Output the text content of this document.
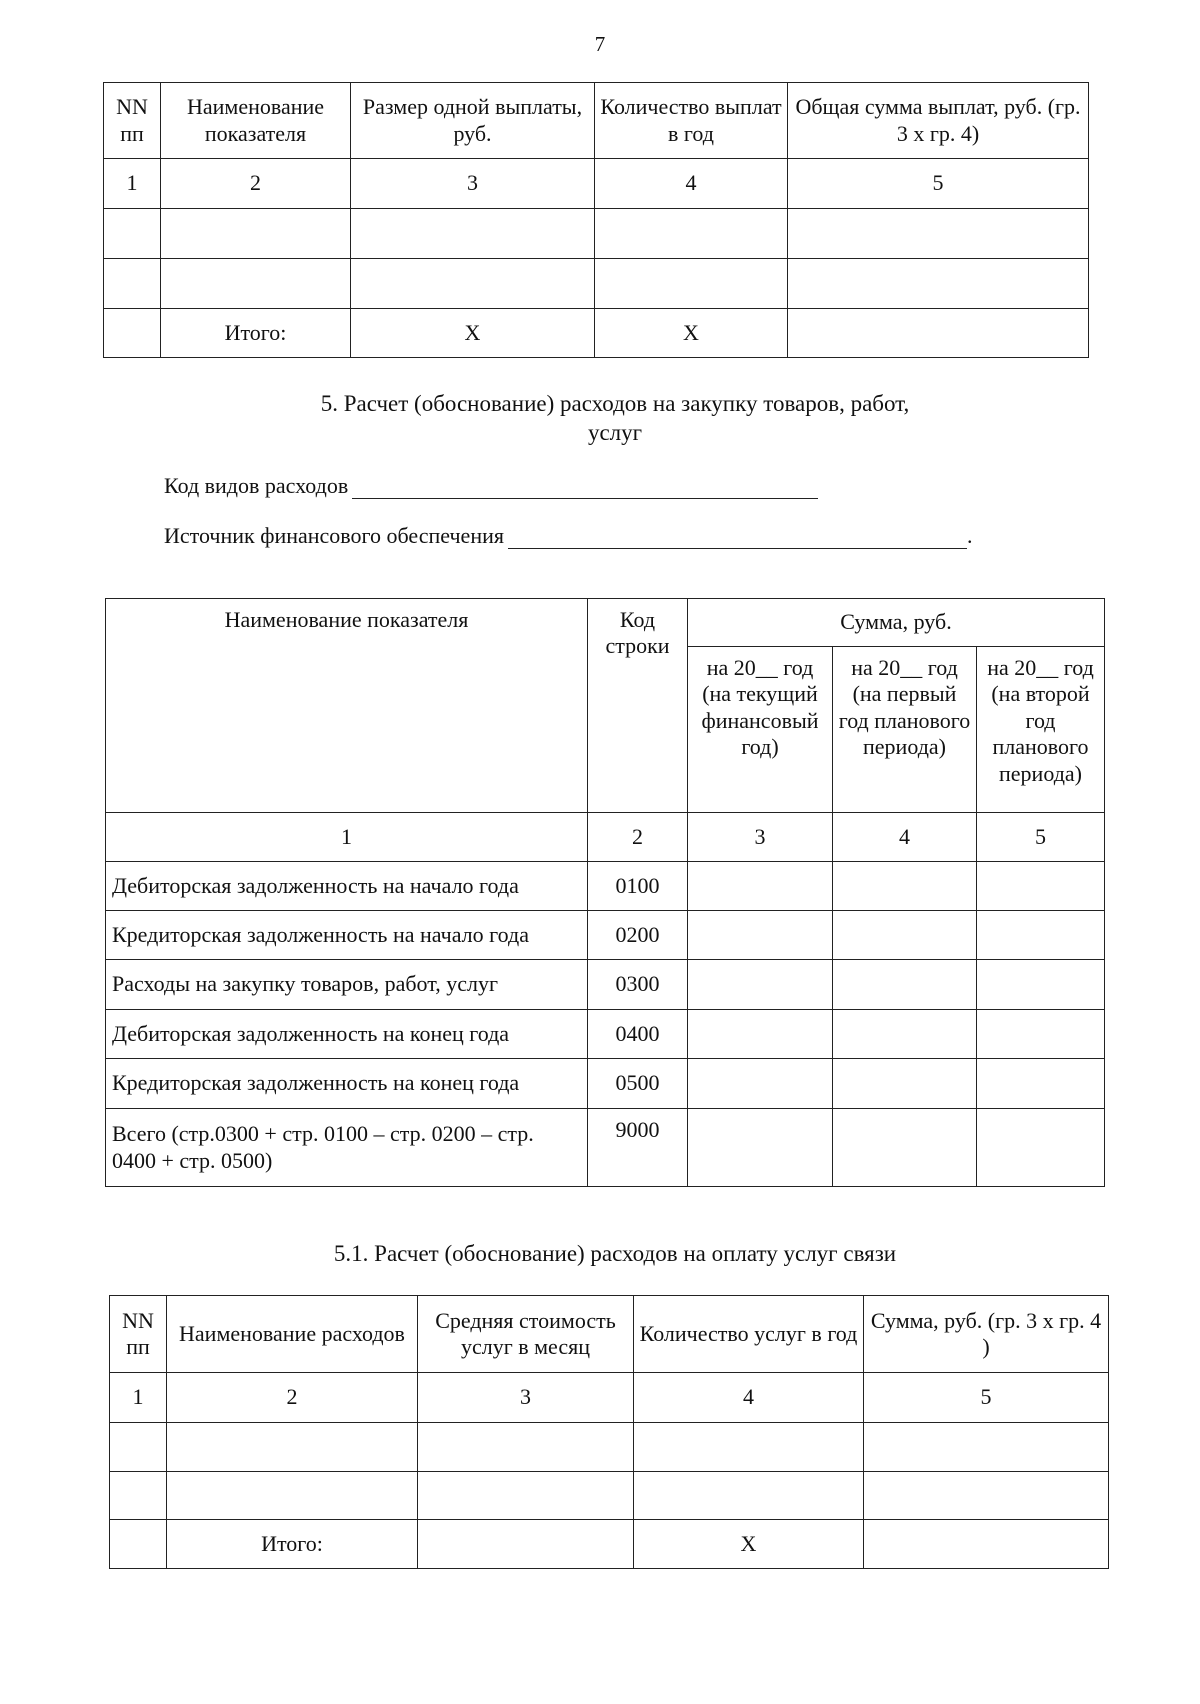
7
NN пп	Наименование показателя	Размер одной выплаты, руб.	Количество выплат в год	Общая сумма выплат, руб. (гр. 3 x гр. 4)
1	2	3	4	5

	Итого:	X	X	
5. Расчет (обоснование) расходов на закупку товаров, работ,
услуг
Код видов расходов
Источник финансового обеспечения	.
Наименование показателя	Код строки	Сумма, руб.		
		на 20__ год (на текущий финансовый год)	на 20__ год (на первый год планового периода)	на 20__ год (на второй год планового периода)
1	2	3	4	5
Дебиторская задолженность на начало года	0100			
Кредиторская задолженность на начало года	0200			
Расходы на закупку товаров, работ, услуг	0300			
Дебиторская задолженность на конец года	0400			
Кредиторская задолженность на конец года	0500			
Всего (стр.0300 + стр. 0100 – стр. 0200 – стр. 0400 + стр. 0500)	9000			
5.1. Расчет (обоснование) расходов на оплату услуг связи
NN пп	Наименование расходов	Средняя стоимость услуг в месяц	Количество услуг в год	Сумма, руб. (гр. 3 x гр. 4 )
1	2	3	4	5

	Итого:		X	
